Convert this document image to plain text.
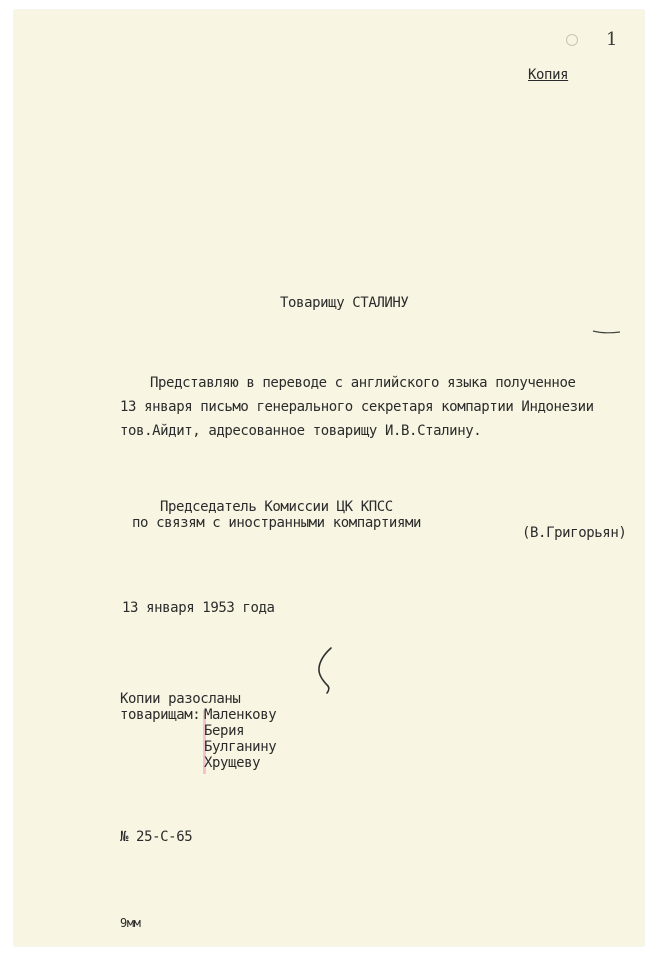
1
Копия
Товарищу СТАЛИНУ
Представляю в переводе с английского языка полученное
13 января письмо генерального секретаря компартии Индонезии
тов.Айдит, адресованное товарищу И.В.Сталину.
Председатель Комиссии ЦК КПСС
по связям с иностранными компартиями
(В.Григорьян)
13 января 1953 года
Копии разосланы
товарищам: Маленкову
Берия
Булганину
Хрущеву
№ 25-С-65
9мм
